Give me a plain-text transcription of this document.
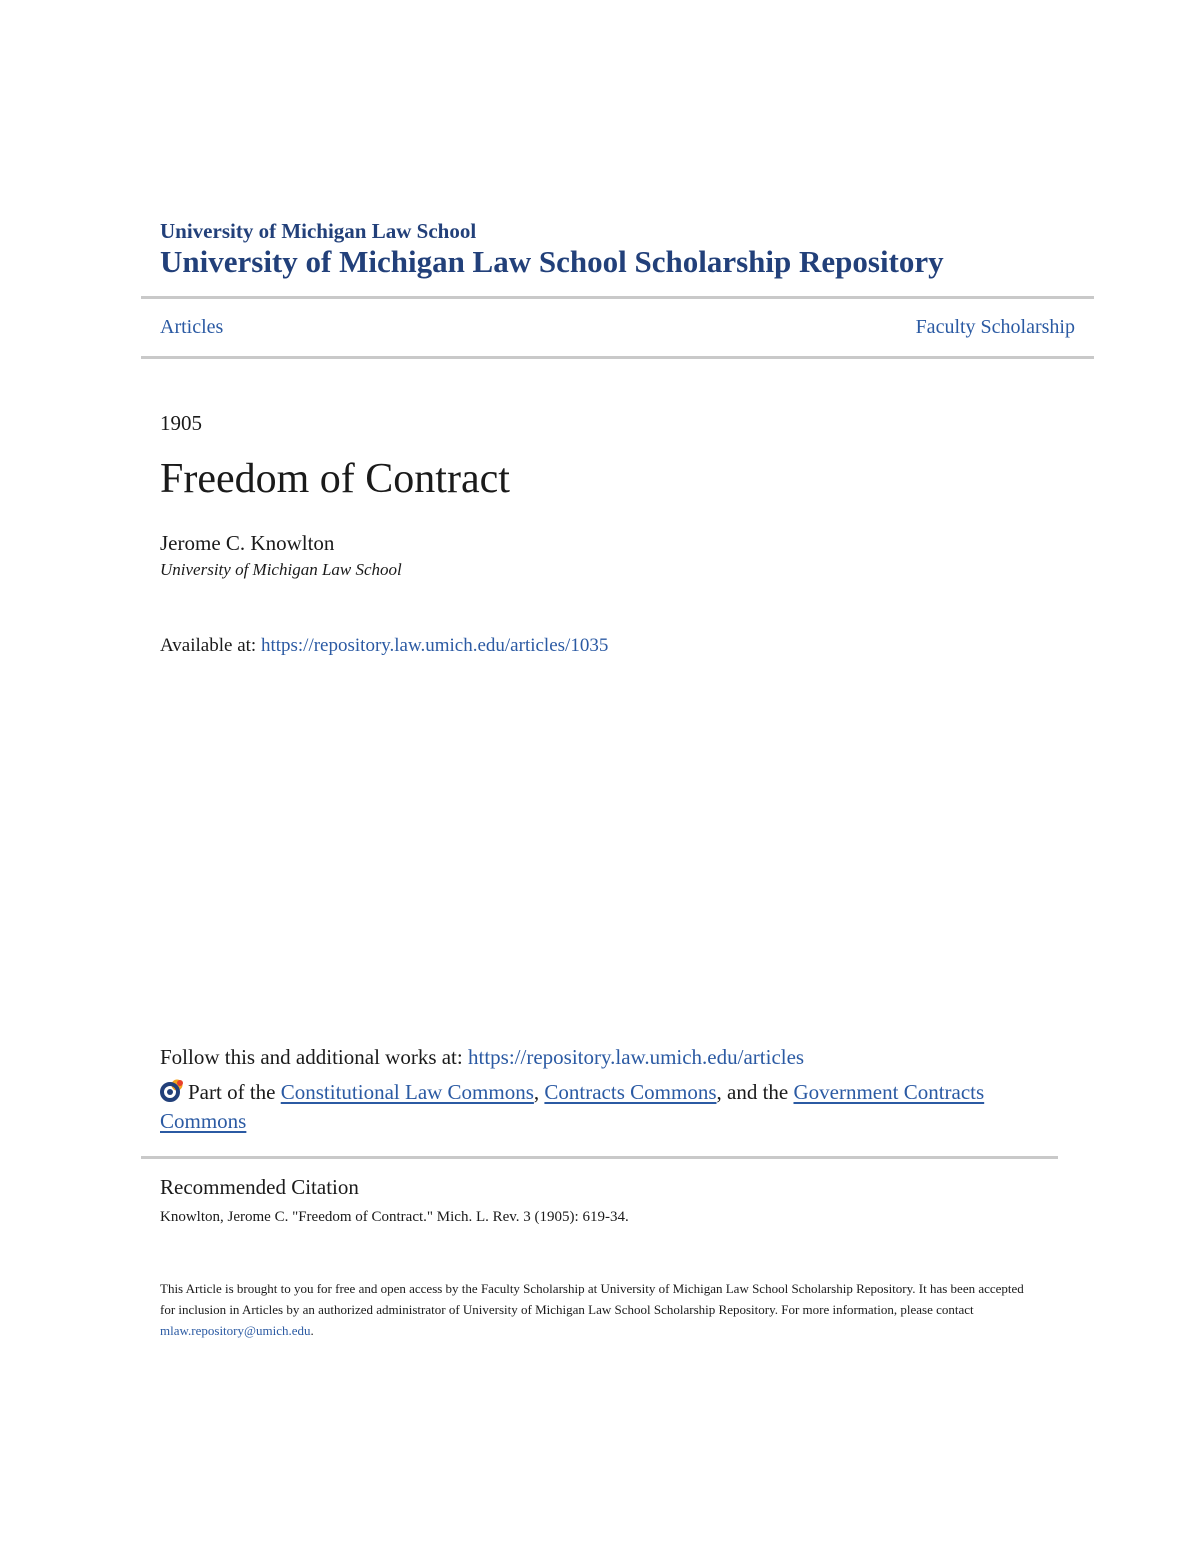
University of Michigan Law School
University of Michigan Law School Scholarship Repository
Articles	Faculty Scholarship
1905
Freedom of Contract
Jerome C. Knowlton
University of Michigan Law School
Available at: https://repository.law.umich.edu/articles/1035
Follow this and additional works at: https://repository.law.umich.edu/articles
Part of the Constitutional Law Commons, Contracts Commons, and the Government Contracts Commons
Recommended Citation
Knowlton, Jerome C. "Freedom of Contract." Mich. L. Rev. 3 (1905): 619-34.
This Article is brought to you for free and open access by the Faculty Scholarship at University of Michigan Law School Scholarship Repository. It has been accepted for inclusion in Articles by an authorized administrator of University of Michigan Law School Scholarship Repository. For more information, please contact mlaw.repository@umich.edu.
